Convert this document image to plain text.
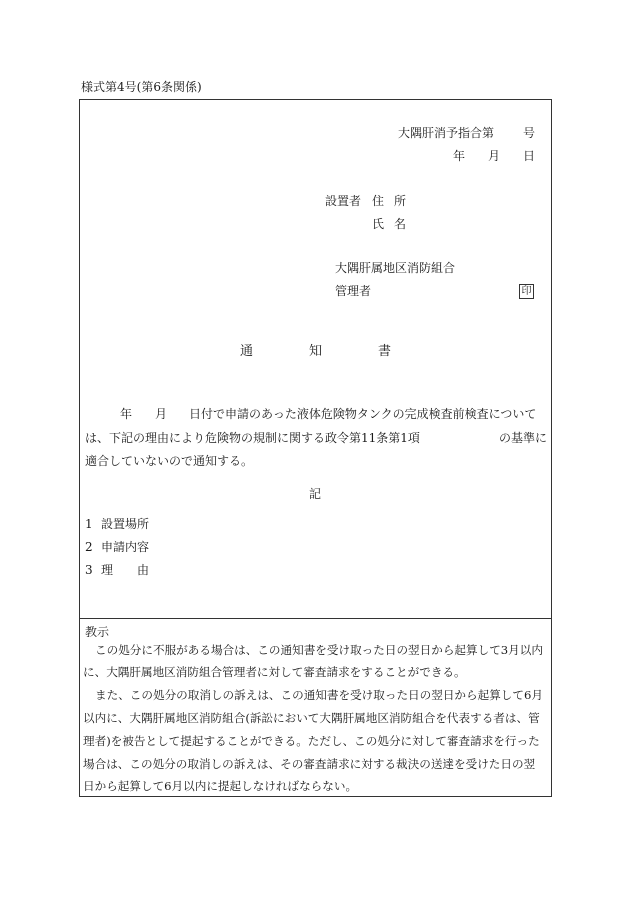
様式第4号(第6条関係)
大隅肝消予指合第 号
年 月 日
設置者 住 所
氏 名
大隅肝属地区消防組合
管理者	印
通	知	書
年 月 日付で申請のあった液体危険物タンクの完成検査前検査について
は、下記の理由により危険物の規制に関する政令第11条第1項	の基準に
適合していないので通知する。
記
1 設置場所
2 申請内容
3 理 由
教示
この処分に不服がある場合は、この通知書を受け取った日の翌日から起算して3月以内
に、大隅肝属地区消防組合管理者に対して審査請求をすることができる。
また、この処分の取消しの訴えは、この通知書を受け取った日の翌日から起算して6月
以内に、大隅肝属地区消防組合(訴訟において大隅肝属地区消防組合を代表する者は、管
理者)を被告として提起することができる。ただし、この処分に対して審査請求を行った
場合は、この処分の取消しの訴えは、その審査請求に対する裁決の送達を受けた日の翌
日から起算して6月以内に提起しなければならない。
